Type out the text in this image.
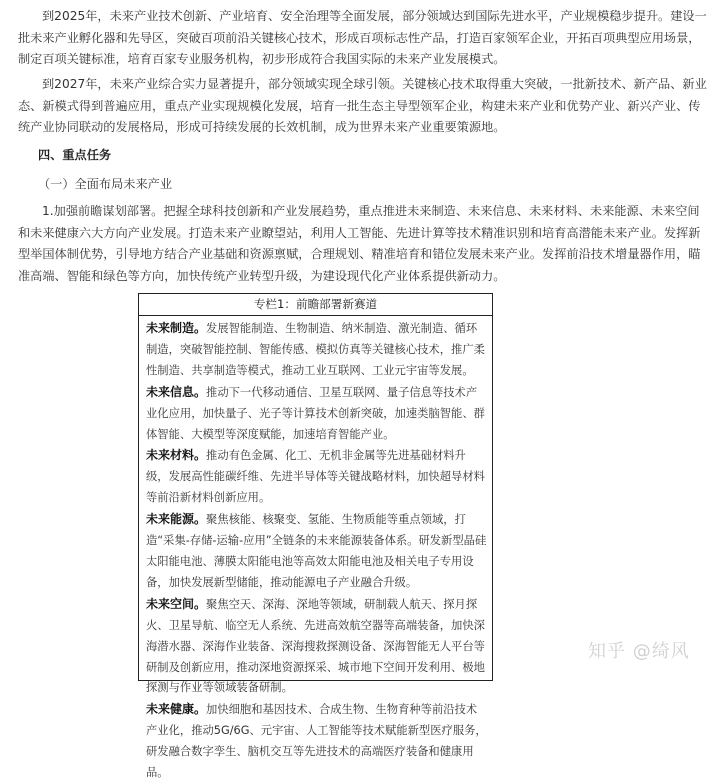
到2025年，未来产业技术创新、产业培育、安全治理等全面发展，部分领域达到国际先进水平，产业规模稳步提升。建设一批未来产业孵化器和先导区，突破百项前沿关键核心技术，形成百项标志性产品，打造百家领军企业，开拓百项典型应用场景，制定百项关键标准，培育百家专业服务机构，初步形成符合我国实际的未来产业发展模式。

到2027年，未来产业综合实力显著提升，部分领域实现全球引领。关键核心技术取得重大突破，一批新技术、新产品、新业态、新模式得到普遍应用，重点产业实现规模化发展，培育一批生态主导型领军企业，构建未来产业和优势产业、新兴产业、传统产业协同联动的发展格局，形成可持续发展的长效机制，成为世界未来产业重要策源地。

四、重点任务

（一）全面布局未来产业

1.加强前瞻谋划部署。把握全球科技创新和产业发展趋势，重点推进未来制造、未来信息、未来材料、未来能源、未来空间和未来健康六大方向产业发展。打造未来产业瞭望站，利用人工智能、先进计算等技术精准识别和培育高潜能未来产业。发挥新型举国体制优势，引导地方结合产业基础和资源禀赋，合理规划、精准培育和错位发展未来产业。发挥前沿技术增量器作用，瞄准高端、智能和绿色等方向，加快传统产业转型升级，为建设现代化产业体系提供新动力。

专栏1：前瞻部署新赛道

未来制造。发展智能制造、生物制造、纳米制造、激光制造、循环制造，突破智能控制、智能传感、模拟仿真等关键核心技术，推广柔性制造、共享制造等模式，推动工业互联网、工业元宇宙等发展。

未来信息。推动下一代移动通信、卫星互联网、量子信息等技术产业化应用，加快量子、光子等计算技术创新突破，加速类脑智能、群体智能、大模型等深度赋能，加速培育智能产业。

未来材料。推动有色金属、化工、无机非金属等先进基础材料升级，发展高性能碳纤维、先进半导体等关键战略材料，加快超导材料等前沿新材料创新应用。

未来能源。聚焦核能、核聚变、氢能、生物质能等重点领域，打造“采集-存储-运输-应用”全链条的未来能源装备体系。研发新型晶硅太阳能电池、薄膜太阳能电池等高效太阳能电池及相关电子专用设备，加快发展新型储能，推动能源电子产业融合升级。

未来空间。聚焦空天、深海、深地等领域，研制载人航天、探月探火、卫星导航、临空无人系统、先进高效航空器等高端装备，加快深海潜水器、深海作业装备、深海搜救探测设备、深海智能无人平台等研制及创新应用，推动深地资源探采、城市地下空间开发利用、极地探测与作业等领域装备研制。

未来健康。加快细胞和基因技术、合成生物、生物育种等前沿技术产业化，推动5G/6G、元宇宙、人工智能等技术赋能新型医疗服务，研发融合数字孪生、脑机交互等先进技术的高端医疗装备和健康用品。

知乎 @绮风
